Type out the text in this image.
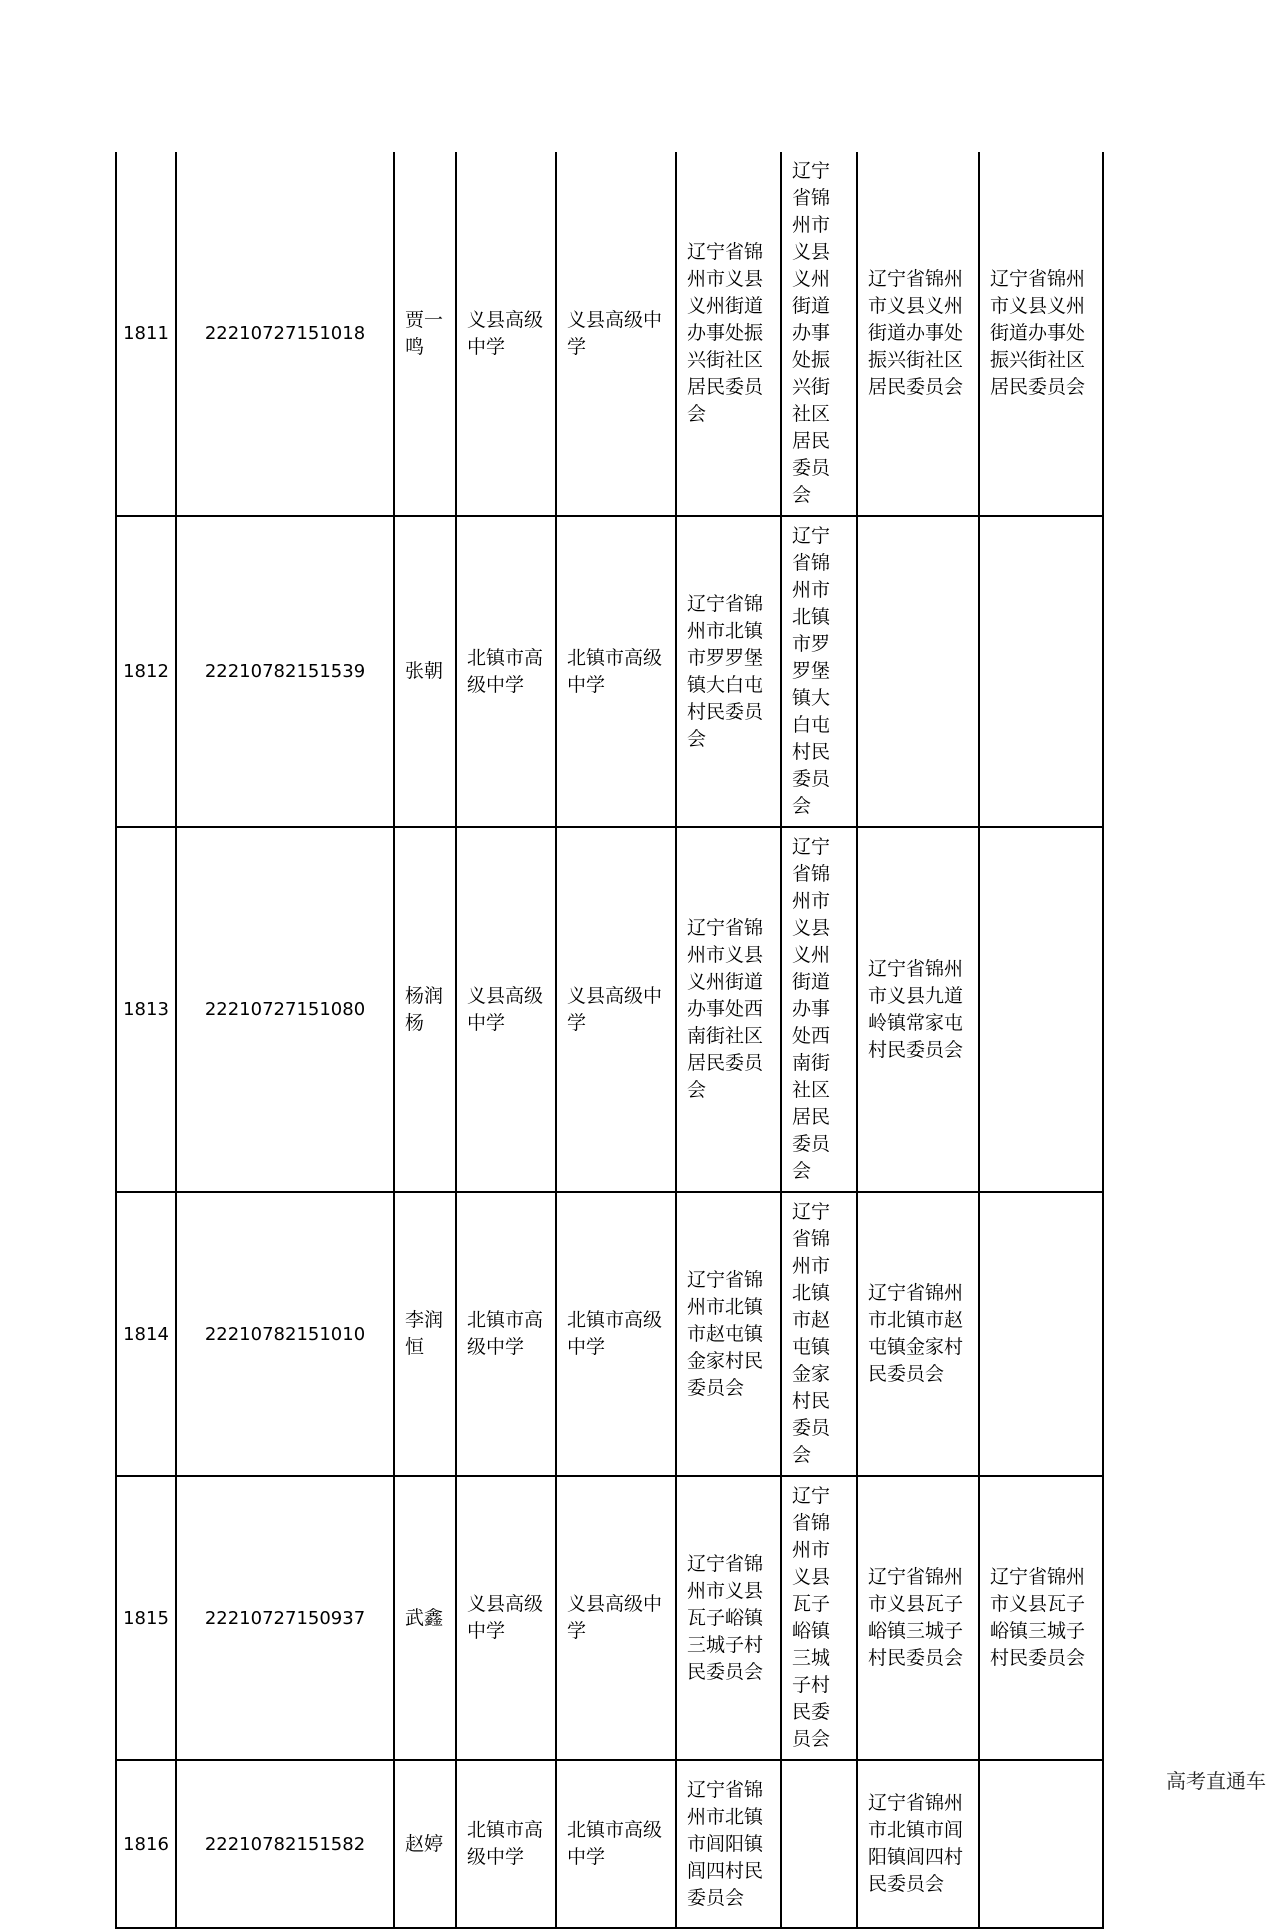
1811	22210727151018	贾一鸣	义县高级中学	义县高级中学	辽宁省锦州市义县义州街道办事处振兴街社区居民委员会	辽宁省锦州市义县义州街道办事处振兴街社区居民委员会	辽宁省锦州市义县义州街道办事处振兴街社区居民委员会	辽宁省锦州市义县义州街道办事处振兴街社区居民委员会
1812	22210782151539	张朝	北镇市高级中学	北镇市高级中学	辽宁省锦州市北镇市罗罗堡镇大白屯村民委员会	辽宁省锦州市北镇市罗罗堡镇大白屯村民委员会		
1813	22210727151080	杨润杨	义县高级中学	义县高级中学	辽宁省锦州市义县义州街道办事处西南街社区居民委员会	辽宁省锦州市义县义州街道办事处西南街社区居民委员会	辽宁省锦州市义县九道岭镇常家屯村民委员会	
1814	22210782151010	李润恒	北镇市高级中学	北镇市高级中学	辽宁省锦州市北镇市赵屯镇金家村民委员会	辽宁省锦州市北镇市赵屯镇金家村民委员会	辽宁省锦州市北镇市赵屯镇金家村民委员会	
1815	22210727150937	武鑫	义县高级中学	义县高级中学	辽宁省锦州市义县瓦子峪镇三城子村民委员会	辽宁省锦州市义县瓦子峪镇三城子村民委员会	辽宁省锦州市义县瓦子峪镇三城子村民委员会	辽宁省锦州市义县瓦子峪镇三城子村民委员会
1816	22210782151582	赵婷	北镇市高级中学	北镇市高级中学	辽宁省锦州市北镇市闾阳镇闾四村民委员会		辽宁省锦州市北镇市闾阳镇闾四村民委员会	
高考直通车
